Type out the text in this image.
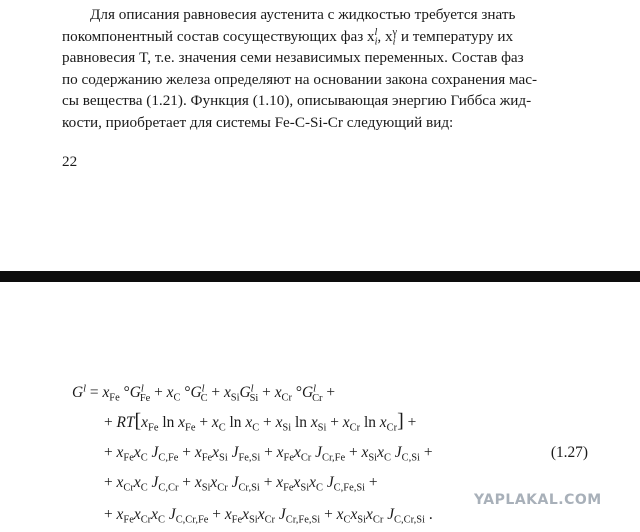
Для описания равновесия аустенита с жидкостью требуется знать
покомпонентный состав сосуществующих фаз $x_i^l$, $x_i^\gamma$ и температуру их
равновесия T, т.е. значения семи независимых переменных. Состав фаз
по содержанию железа определяют на основании закона сохранения мас-
сы вещества (1.21). Функция (1.10), описывающая энергию Гиббса жид-
кости, приобретает для системы Fe-C-Si-Cr следующий вид:
22
$G^l = x_{Fe}$ $^\circ G^l_{Fe} + x_C$ $^\circ G^l_C + x_{Si}G^l_{Si} + x_{Cr}$ $^\circ G^l_{Cr}$ +
+ $RT[x_{Fe}$ $\ln x_{Fe} + x_C$ $\ln x_C + x_{Si}$ $\ln x_{Si} + x_{Cr}$ $\ln x_{Cr}$] +
+ $x_{Fe}x_C$ $J_{C,Fe} + x_{Fe}x_{Si}$ $J_{Fe,Si} + x_{Fe}x_{Cr}$ $J_{Cr,Fe} + x_{Si}x_C$ $J_{C,Si}$ +	(1.27)
+ $x_{Cr}x_C$ $J_{C,Cr} + x_{Si}x_{Cr}$ $J_{Cr,Si} + x_{Fe}x_{Si}x_C$ $J_{C,Fe,Si}$ +
+ $x_{Fe}x_{Cr}x_C$ $J_{C,Cr,Fe} + x_{Fe}x_{Si}x_{Cr}$ $J_{Cr,Fe,Si} + x_Cx_{Si}x_{Cr}$ $J_{C,Cr,Si}$ .
YAPLAKAL.COM
